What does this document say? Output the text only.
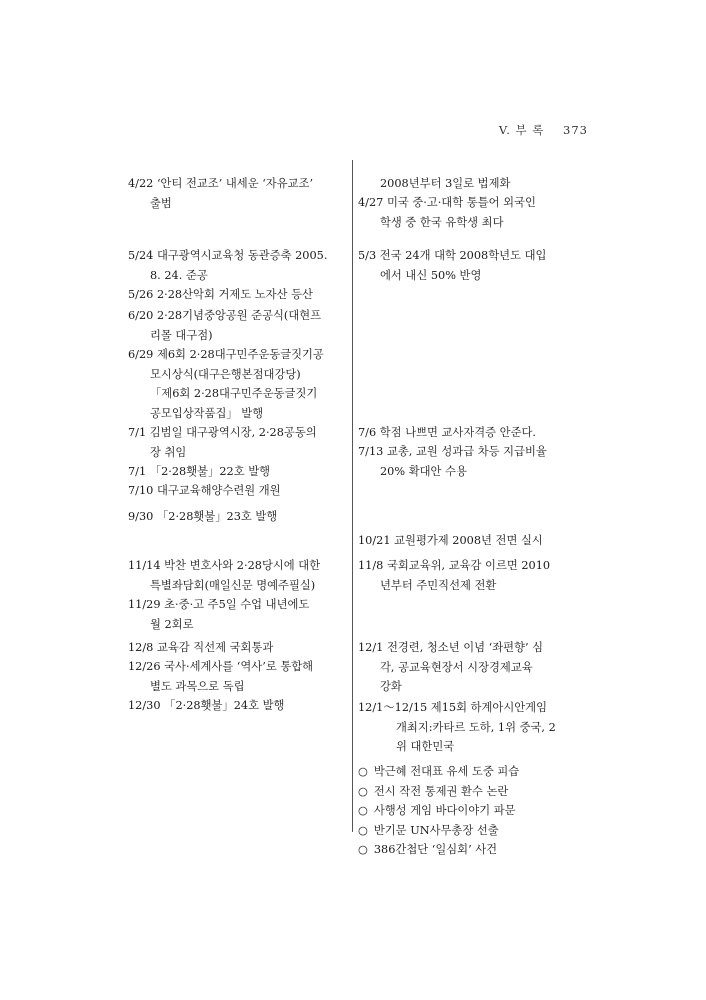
V. 부 록 373
4/22 ‘안티 전교조’ 내세운 ‘자유교조’
출범
5/24 대구광역시교육청 동관증축 2005.
8. 24. 준공
5/26 2·28산악회 거제도 노자산 등산
6/20 2·28기념중앙공원 준공식(대현프
리몰 대구점)
6/29 제6회 2·28대구민주운동글짓기공
모시상식(대구은행본점대강당)
「제6회 2·28대구민주운동글짓기
공모입상작품집」 발행
7/1 김범일 대구광역시장, 2·28공동의
장 취임
7/1 「2·28횃불」22호 발행
7/10 대구교육해양수련원 개원
9/30 「2·28횃불」23호 발행
11/14 박찬 변호사와 2·28당시에 대한
특별좌담회(매일신문 명예주필실)
11/29 초·중·고 주5일 수업 내년에도
월 2회로
12/8 교육감 직선제 국회통과
12/26 국사·세계사를 ‘역사’로 통합해
별도 과목으로 독립
12/30 「2·28횃불」24호 발행
2008년부터 3일로 법제화
4/27 미국 중·고·대학 통틀어 외국인
학생 중 한국 유학생 최다
5/3 전국 24개 대학 2008학년도 대입
에서 내신 50% 반영
7/6 학점 나쁘면 교사자격증 안준다.
7/13 교총, 교원 성과급 차등 지급비율
20% 확대안 수용
10/21 교원평가제 2008년 전면 실시
11/8 국회교육위, 교육감 이르면 2010
년부터 주민직선제 전환
12/1 전경련, 청소년 이념 ‘좌편향’ 심
각, 공교육현장서 시장경제교육
강화
12/1～12/15 제15회 하계아시안게임
개최지:카타르 도하, 1위 중국, 2
위 대한민국
○ 박근혜 전대표 유세 도중 피습
○ 전시 작전 통제권 환수 논란
○ 사행성 게임 바다이야기 파문
○ 반기문 UN사무총장 선출
○ 386간첩단 ‘일심회’ 사건
